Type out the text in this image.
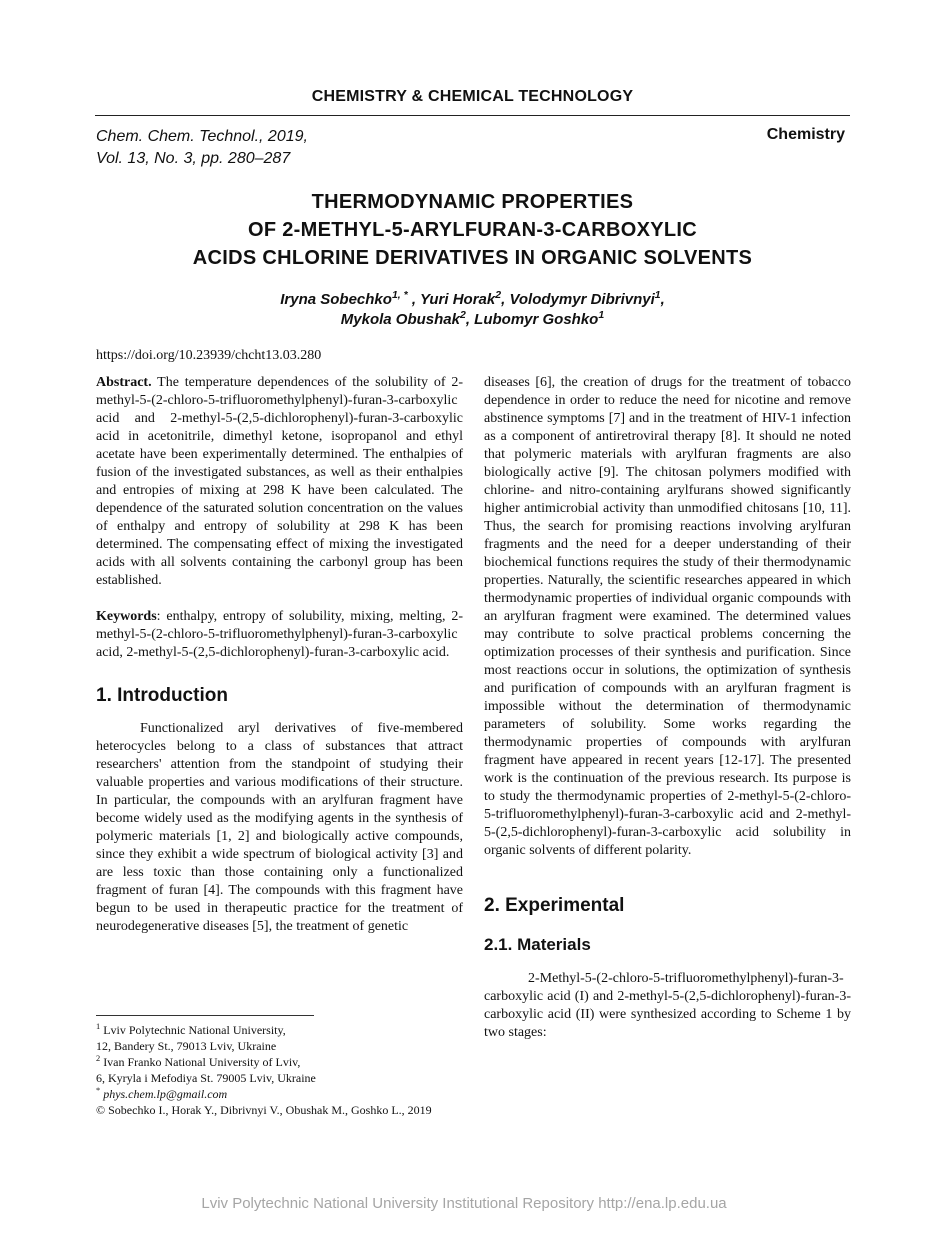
CHEMISTRY & CHEMICAL TECHNOLOGY
Chem. Chem. Technol., 2019,
Vol. 13, No. 3, pp. 280–287
Chemistry
THERMODYNAMIC PROPERTIES
OF 2-METHYL-5-ARYLFURAN-3-CARBOXYLIC
ACIDS CHLORINE DERIVATIVES IN ORGANIC SOLVENTS
Iryna Sobechko$^{1, *}$ , Yuri Horak$^2$, Volodymyr Dibrivnyi$^1$,
Mykola Obushak$^2$, Lubomyr Goshko$^1$
https://doi.org/10.23939/chcht13.03.280

Abstract. The temperature dependences of the solubility of 2-methyl-5-(2-chloro-5-trifluoromethylphenyl)-furan-3-carboxylic acid and 2-methyl-5-(2,5-dichlorophenyl)-furan-3-carboxylic acid in acetonitrile, dimethyl ketone, isopropanol and ethyl acetate have been experimentally determined. The enthalpies of fusion of the investigated substances, as well as their enthalpies and entropies of mixing at 298 K have been calculated. The dependence of the saturated solution concentration on the values of enthalpy and entropy of solubility at 298 K has been determined. The compensating effect of mixing the investigated acids with all solvents containing the carbonyl group has been established.

Keywords: enthalpy, entropy of solubility, mixing, melting, 2-methyl-5-(2-chloro-5-trifluoromethylphenyl)-furan-3-carboxylic acid, 2-methyl-5-(2,5-dichlorophenyl)-furan-3-carboxylic acid.

1. Introduction

Functionalized aryl derivatives of five-membered heterocycles belong to a class of substances that attract researchers' attention from the standpoint of studying their valuable properties and various modifications of their structure. In particular, the compounds with an arylfuran fragment have become widely used as the modifying agents in the synthesis of polymeric materials [1, 2] and biologically active compounds, since they exhibit a wide spectrum of biological activity [3] and are less toxic than those containing only a functionalized fragment of furan [4]. The compounds with this fragment have begun to be used in therapeutic practice for the treatment of neurodegenerative diseases [5], the treatment of genetic

diseases [6], the creation of drugs for the treatment of tobacco dependence in order to reduce the need for nicotine and remove abstinence symptoms [7] and in the treatment of HIV-1 infection as a component of antiretroviral therapy [8]. It should ne noted that polymeric materials with arylfuran fragments are also biologically active [9]. The chitosan polymers modified with chlorine- and nitro-containing arylfurans showed significantly higher antimicrobial activity than unmodified chitosans [10, 11]. Thus, the search for promising reactions involving arylfuran fragments and the need for a deeper understanding of their biochemical functions requires the study of their thermodynamic properties. Naturally, the scientific researches appeared in which thermodynamic properties of individual organic compounds with an arylfuran fragment were examined. The determined values may contribute to solve practical problems concerning the optimization processes of their synthesis and purification. Since most reactions occur in solutions, the optimization of synthesis and purification of compounds with an arylfuran fragment is impossible without the determination of thermodynamic parameters of solubility. Some works regarding the thermodynamic properties of compounds with arylfuran fragment have appeared in recent years [12-17]. The presented work is the continuation of the previous research. Its purpose is to study the thermodynamic properties of 2-methyl-5-(2-chloro-5-trifluoromethylphenyl)-furan-3-carboxylic acid and 2-methyl-5-(2,5-dichlorophenyl)-furan-3-carboxylic acid solubility in organic solvents of different polarity.

2. Experimental
2.1. Materials

2-Methyl-5-(2-chloro-5-trifluoromethylphenyl)-furan-3-carboxylic acid (I) and 2-methyl-5-(2,5-dichlorophenyl)-furan-3-carboxylic acid (II) were synthesized according to Scheme 1 by two stages:

$^1$ Lviv Polytechnic National University,
12, Bandery St., 79013 Lviv, Ukraine
$^2$ Ivan Franko National University of Lviv,
6, Kyryla i Mefodiya St. 79005 Lviv, Ukraine
* phys.chem.lp@gmail.com
© Sobechko I., Horak Y., Dibrivnyi V., Obushak M., Goshko L., 2019
Lviv Polytechnic National University Institutional Repository http://ena.lp.edu.ua
